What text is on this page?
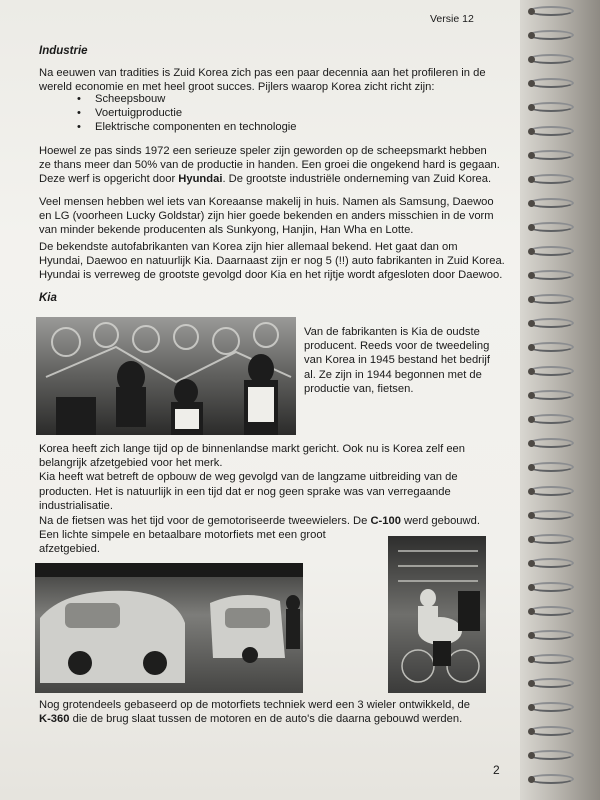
Versie 12
Industrie
Na eeuwen van tradities is Zuid Korea zich pas een paar decennia aan het profileren in de
wereld economie en met heel groot succes. Pijlers waarop Korea zicht richt zijn:
• Scheepsbouw
• Voertuigproductie
• Elektrische componenten en technologie
Hoewel ze pas sinds 1972 een serieuze speler zijn geworden op de scheepsmarkt hebben
ze thans meer dan 50% van de productie in handen. Een groei die ongekend hard is gegaan.
Deze werf is opgericht door Hyundai. De grootste industriële onderneming van Zuid Korea.
Veel mensen hebben wel iets van Koreaanse makelij in huis. Namen als Samsung, Daewoo
en LG (voorheen Lucky Goldstar) zijn hier goede bekenden en anders misschien in de vorm
van minder bekende producenten als Sunkyong, Hanjin, Han Wha en Lotte.
De bekendste autofabrikanten van Korea zijn hier allemaal bekend. Het gaat dan om
Hyundai, Daewoo en natuurlijk Kia. Daarnaast zijn er nog 5 (!!) auto fabrikanten in Zuid Korea.
Hyundai is verreweg de grootste gevolgd door Kia en het rijtje wordt afgesloten door Daewoo.
Kia
Van de fabrikanten is Kia de oudste
producent. Reeds voor de tweedeling
van Korea in 1945 bestand het bedrijf
al. Ze zijn in 1944 begonnen met de
productie van, fietsen.
Korea heeft zich lange tijd op de binnenlandse markt gericht. Ook nu is Korea zelf een
belangrijk afzetgebied voor het merk.
Kia heeft wat betreft de opbouw de weg gevolgd van de langzame uitbreiding van de
producten. Het is natuurlijk in een tijd dat er nog geen sprake was van verregaande
industrialisatie.
Na de fietsen was het tijd voor de gemotoriseerde tweewielers. De C-100 werd gebouwd.
Een lichte simpele en betaalbare motorfiets met een groot
afzetgebied.
Nog grotendeels gebaseerd op de motorfiets techniek werd een 3 wieler ontwikkeld, de
K-360 die de brug slaat tussen de motoren en de auto's die daarna gebouwd werden.
2
